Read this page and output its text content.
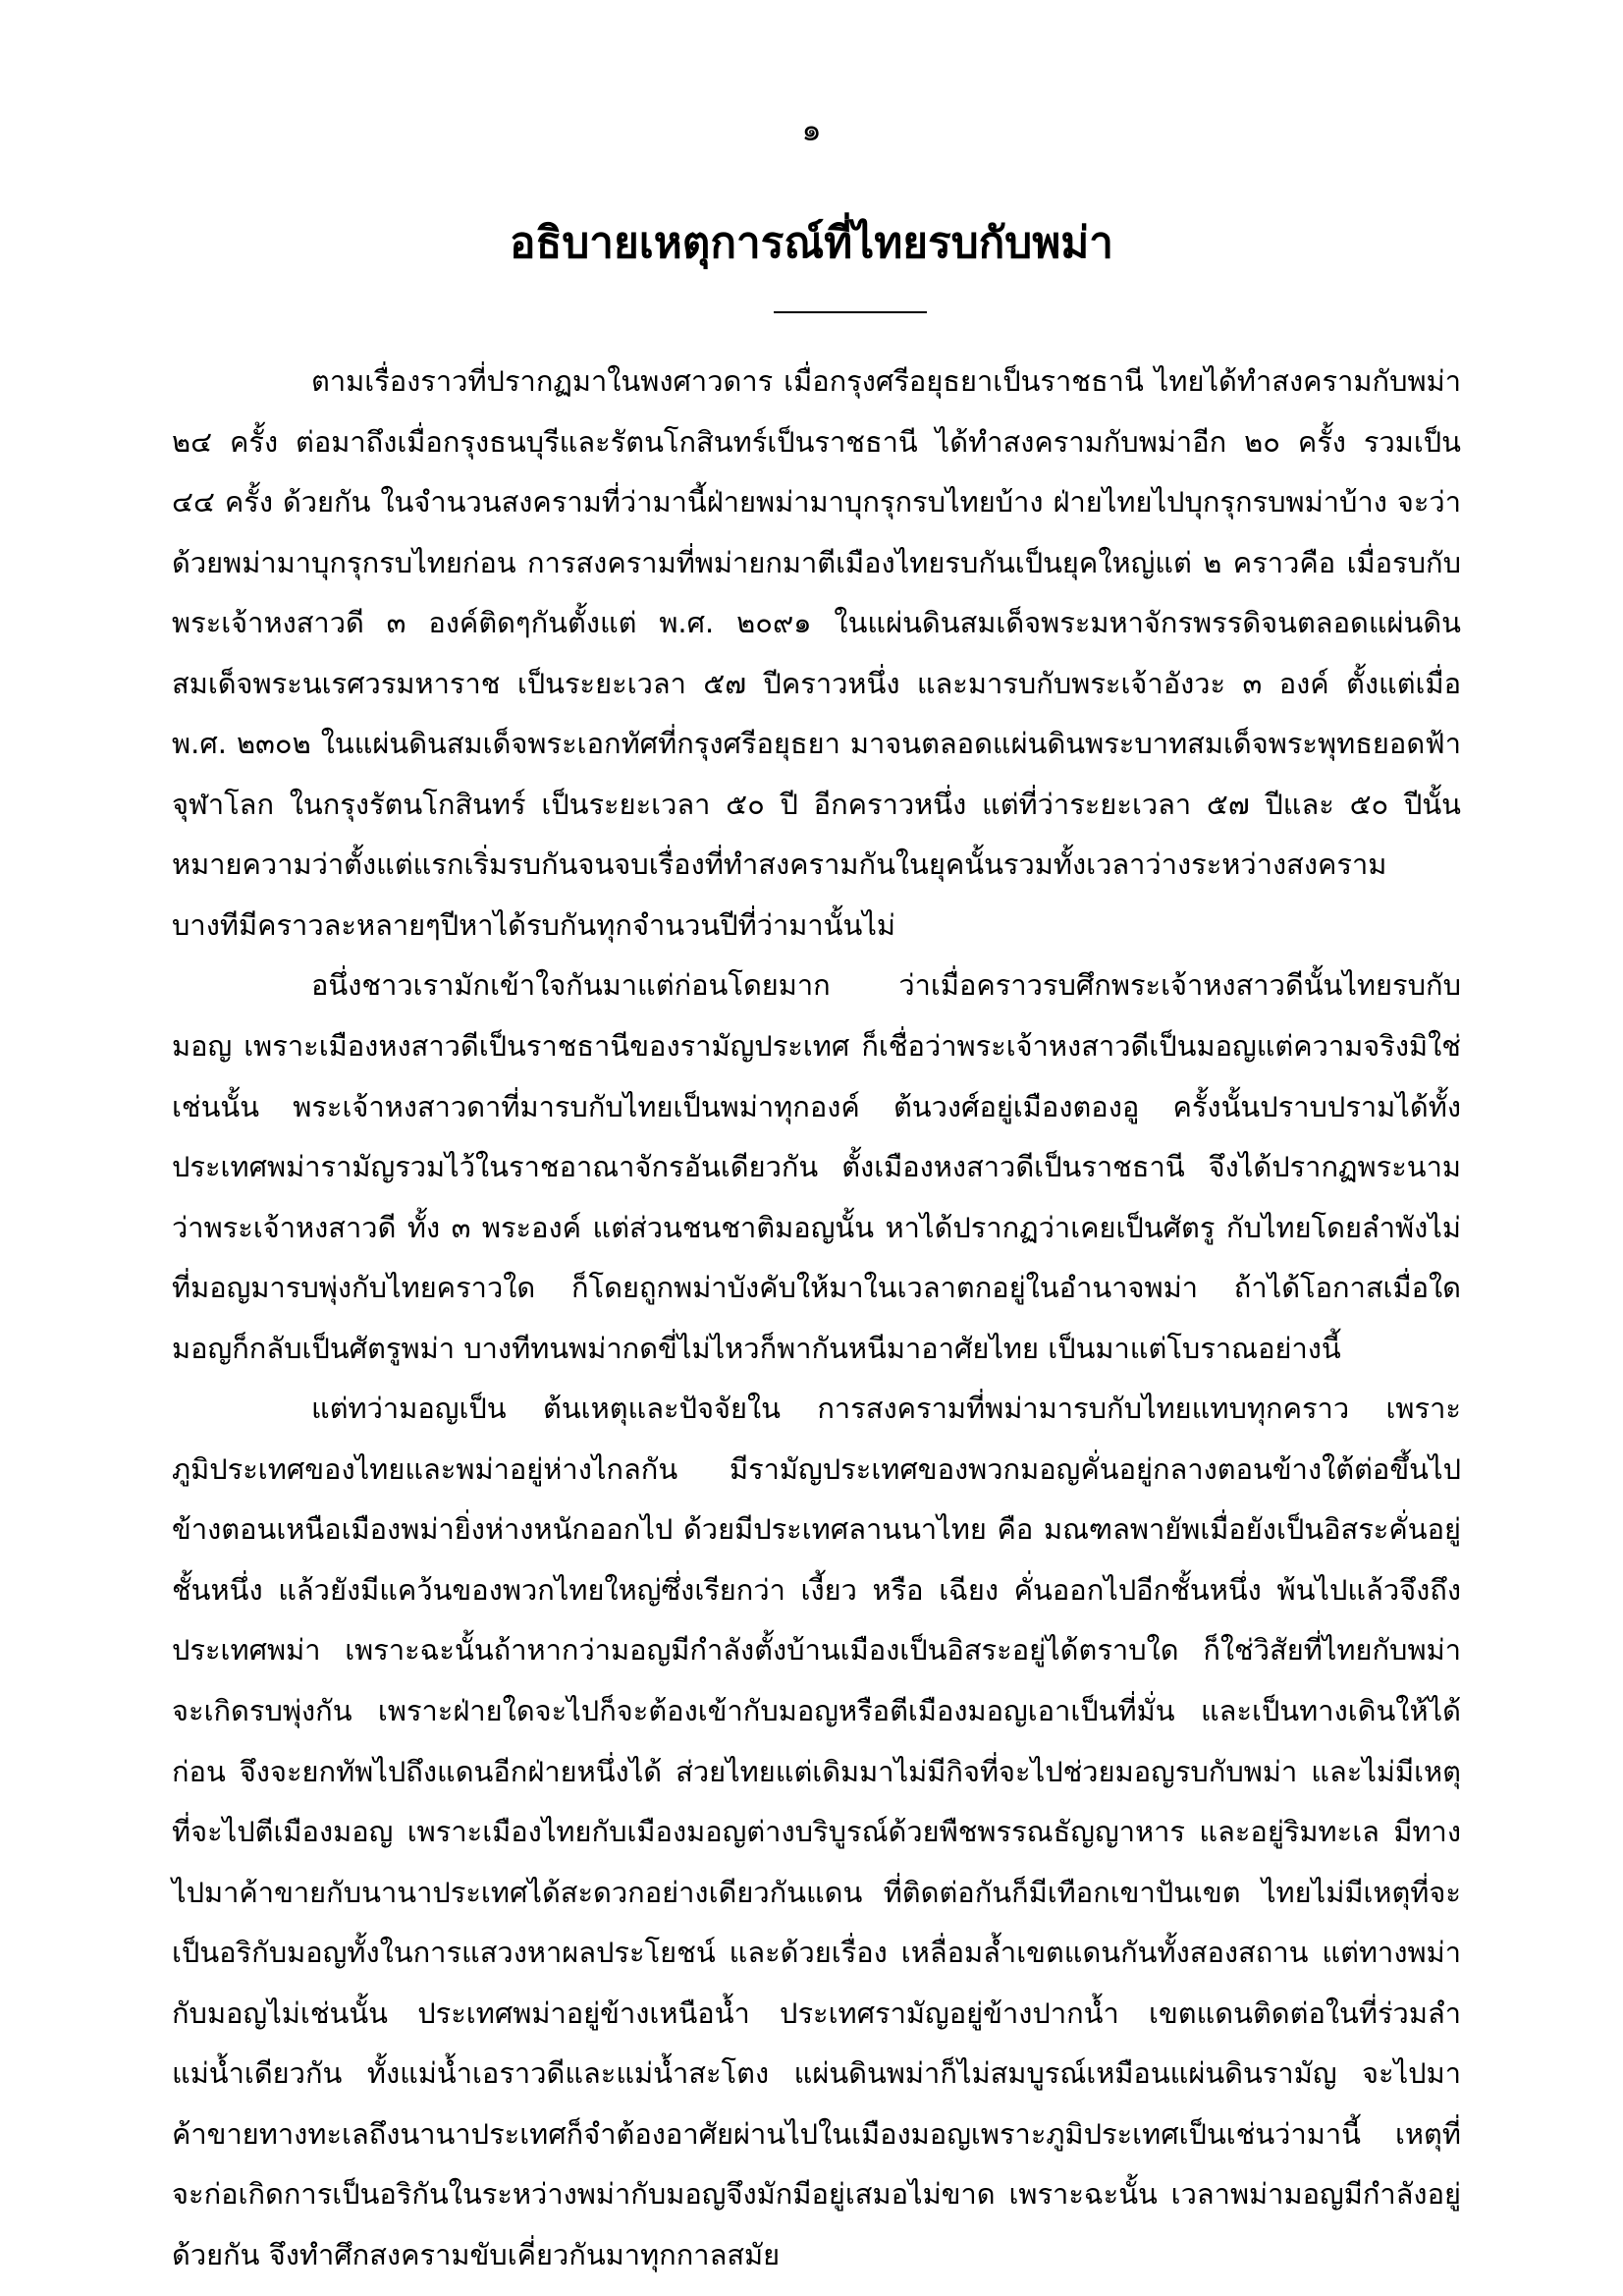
๑
อธิบายเหตุการณ์ที่ไทยรบกับพม่า

ตามเรื่องราวที่ปรากฏมาในพงศาวดาร เมื่อกรุงศรีอยุธยาเป็นราชธานี ไทยได้ทำสงครามกับพม่า ๒๔ ครั้ง ต่อมาถึงเมื่อกรุงธนบุรีและรัตนโกสินทร์เป็นราชธานี ได้ทำสงครามกับพม่าอีก ๒๐ ครั้ง รวมเป็น ๔๔ ครั้ง ด้วยกัน ในจำนวนสงครามที่ว่ามานี้ฝ่ายพม่ามาบุกรุกรบไทยบ้าง ฝ่ายไทยไปบุกรุกรบพม่าบ้าง จะว่าด้วยพม่ามาบุกรุกรบไทยก่อน การสงครามที่พม่ายกมาตีเมืองไทยรบกันเป็นยุคใหญ่แต่ ๒ คราวคือ เมื่อรบกับพระเจ้าหงสาวดี ๓ องค์ติดๆกันตั้งแต่ พ.ศ. ๒๐๙๑ ในแผ่นดินสมเด็จพระมหาจักรพรรดิจนตลอดแผ่นดินสมเด็จพระนเรศวรมหาราช เป็นระยะเวลา ๕๗ ปีคราวหนึ่ง และมารบกับพระเจ้าอังวะ ๓ องค์ ตั้งแต่เมื่อ พ.ศ. ๒๓๐๒ ในแผ่นดินสมเด็จพระเอกทัศที่กรุงศรีอยุธยา มาจนตลอดแผ่นดินพระบาทสมเด็จพระพุทธยอดฟ้าจุฬาโลก ในกรุงรัตนโกสินทร์ เป็นระยะเวลา ๕๐ ปี อีกคราวหนึ่ง แต่ที่ว่าระยะเวลา ๕๗ ปีและ ๕๐ ปีนั้น หมายความว่าตั้งแต่แรกเริ่มรบกันจนจบเรื่องที่ทำสงครามกันในยุคนั้นรวมทั้งเวลาว่างระหว่างสงคราม บางทีมีคราวละหลายๆปีหาได้รบกันทุกจำนวนปีที่ว่ามานั้นไม่

อนึ่งชาวเรามักเข้าใจกันมาแต่ก่อนโดยมาก ว่าเมื่อคราวรบศึกพระเจ้าหงสาวดีนั้นไทยรบกับมอญ เพราะเมืองหงสาวดีเป็นราชธานีของรามัญประเทศ ก็เชื่อว่าพระเจ้าหงสาวดีเป็นมอญแต่ความจริงมิใช่เช่นนั้น พระเจ้าหงสาวดาที่มารบกับไทยเป็นพม่าทุกองค์ ต้นวงศ์อยู่เมืองตองอู ครั้งนั้นปราบปรามได้ทั้งประเทศพม่ารามัญรวมไว้ในราชอาณาจักรอันเดียวกัน ตั้งเมืองหงสาวดีเป็นราชธานี จึงได้ปรากฏพระนามว่าพระเจ้าหงสาวดี ทั้ง ๓ พระองค์ แต่ส่วนชนชาติมอญนั้น หาได้ปรากฏว่าเคยเป็นศัตรู กับไทยโดยลำพังไม่ ที่มอญมารบพุ่งกับไทยคราวใด ก็โดยถูกพม่าบังคับให้มาในเวลาตกอยู่ในอำนาจพม่า ถ้าได้โอกาสเมื่อใดมอญก็กลับเป็นศัตรูพม่า บางทีทนพม่ากดขี่ไม่ไหวก็พากันหนีมาอาศัยไทย เป็นมาแต่โบราณอย่างนี้

แต่ทว่ามอญเป็น ต้นเหตุและปัจจัยใน การสงครามที่พม่ามารบกับไทยแทบทุกคราว เพราะภูมิประเทศของไทยและพม่าอยู่ห่างไกลกัน มีรามัญประเทศของพวกมอญคั่นอยู่กลางตอนข้างใต้ต่อขึ้นไปข้างตอนเหนือเมืองพม่ายิ่งห่างหนักออกไป ด้วยมีประเทศลานนาไทย คือ มณฑลพายัพเมื่อยังเป็นอิสระคั่นอยู่ชั้นหนึ่ง แล้วยังมีแคว้นของพวกไทยใหญ่ซึ่งเรียกว่า เงี้ยว หรือ เฉียง คั่นออกไปอีกชั้นหนึ่ง พ้นไปแล้วจึงถึงประเทศพม่า เพราะฉะนั้นถ้าหากว่ามอญมีกำลังตั้งบ้านเมืองเป็นอิสระอยู่ได้ตราบใด ก็ใช่วิสัยที่ไทยกับพม่าจะเกิดรบพุ่งกัน เพราะฝ่ายใดจะไปก็จะต้องเข้ากับมอญหรือตีเมืองมอญเอาเป็นที่มั่น และเป็นทางเดินให้ได้ก่อน จึงจะยกทัพไปถึงแดนอีกฝ่ายหนึ่งได้ ส่วยไทยแต่เดิมมาไม่มีกิจที่จะไปช่วยมอญรบกับพม่า และไม่มีเหตุที่จะไปตีเมืองมอญ เพราะเมืองไทยกับเมืองมอญต่างบริบูรณ์ด้วยพืชพรรณธัญญาหาร และอยู่ริมทะเล มีทางไปมาค้าขายกับนานาประเทศได้สะดวกอย่างเดียวกันแดน ที่ติดต่อกันก็มีเทือกเขาปันเขต ไทยไม่มีเหตุที่จะเป็นอริกับมอญทั้งในการแสวงหาผลประโยชน์ และด้วยเรื่อง เหลื่อมล้ำเขตแดนกันทั้งสองสถาน แต่ทางพม่ากับมอญไม่เช่นนั้น ประเทศพม่าอยู่ข้างเหนือน้ำ ประเทศรามัญอยู่ข้างปากน้ำ เขตแดนติดต่อในที่ร่วมลำแม่น้ำเดียวกัน ทั้งแม่น้ำเอราวดีและแม่น้ำสะโตง แผ่นดินพม่าก็ไม่สมบูรณ์เหมือนแผ่นดินรามัญ จะไปมาค้าขายทางทะเลถึงนานาประเทศก็จำต้องอาศัยผ่านไปในเมืองมอญเพราะภูมิประเทศเป็นเช่นว่ามานี้ เหตุที่จะก่อเกิดการเป็นอริกันในระหว่างพม่ากับมอญจึงมักมีอยู่เสมอไม่ขาด เพราะฉะนั้น เวลาพม่ามอญมีกำลังอยู่ด้วยกัน จึงทำศึกสงครามขับเคี่ยวกันมาทุกกาลสมัย
